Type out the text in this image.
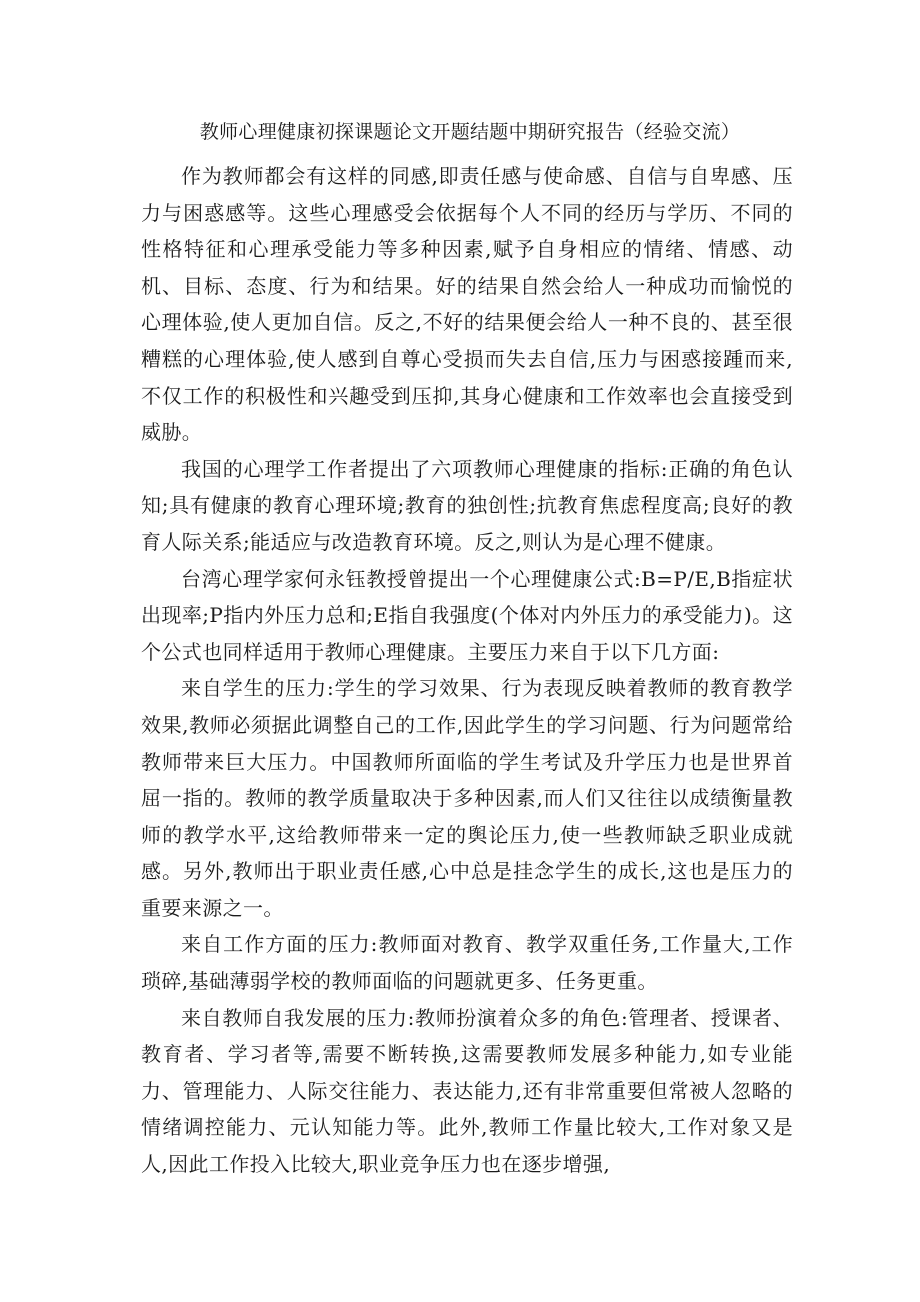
教师心理健康初探课题论文开题结题中期研究报告（经验交流）

作为教师都会有这样的同感,即责任感与使命感、自信与自卑感、压力与困惑感等。这些心理感受会依据每个人不同的经历与学历、不同的性格特征和心理承受能力等多种因素,赋予自身相应的情绪、情感、动机、目标、态度、行为和结果。好的结果自然会给人一种成功而愉悦的心理体验,使人更加自信。反之,不好的结果便会给人一种不良的、甚至很糟糕的心理体验,使人感到自尊心受损而失去自信,压力与困惑接踵而来,不仅工作的积极性和兴趣受到压抑,其身心健康和工作效率也会直接受到威胁。

我国的心理学工作者提出了六项教师心理健康的指标:正确的角色认知;具有健康的教育心理环境;教育的独创性;抗教育焦虑程度高;良好的教育人际关系;能适应与改造教育环境。反之,则认为是心理不健康。

台湾心理学家何永钰教授曾提出一个心理健康公式:B=P/E,B指症状出现率;P指内外压力总和;E指自我强度(个体对内外压力的承受能力)。这个公式也同样适用于教师心理健康。主要压力来自于以下几方面:

来自学生的压力:学生的学习效果、行为表现反映着教师的教育教学效果,教师必须据此调整自己的工作,因此学生的学习问题、行为问题常给教师带来巨大压力。中国教师所面临的学生考试及升学压力也是世界首屈一指的。教师的教学质量取决于多种因素,而人们又往往以成绩衡量教师的教学水平,这给教师带来一定的舆论压力,使一些教师缺乏职业成就感。另外,教师出于职业责任感,心中总是挂念学生的成长,这也是压力的重要来源之一。

来自工作方面的压力:教师面对教育、教学双重任务,工作量大,工作琐碎,基础薄弱学校的教师面临的问题就更多、任务更重。

来自教师自我发展的压力:教师扮演着众多的角色:管理者、授课者、教育者、学习者等,需要不断转换,这需要教师发展多种能力,如专业能力、管理能力、人际交往能力、表达能力,还有非常重要但常被人忽略的情绪调控能力、元认知能力等。此外,教师工作量比较大,工作对象又是人,因此工作投入比较大,职业竞争压力也在逐步增强,
